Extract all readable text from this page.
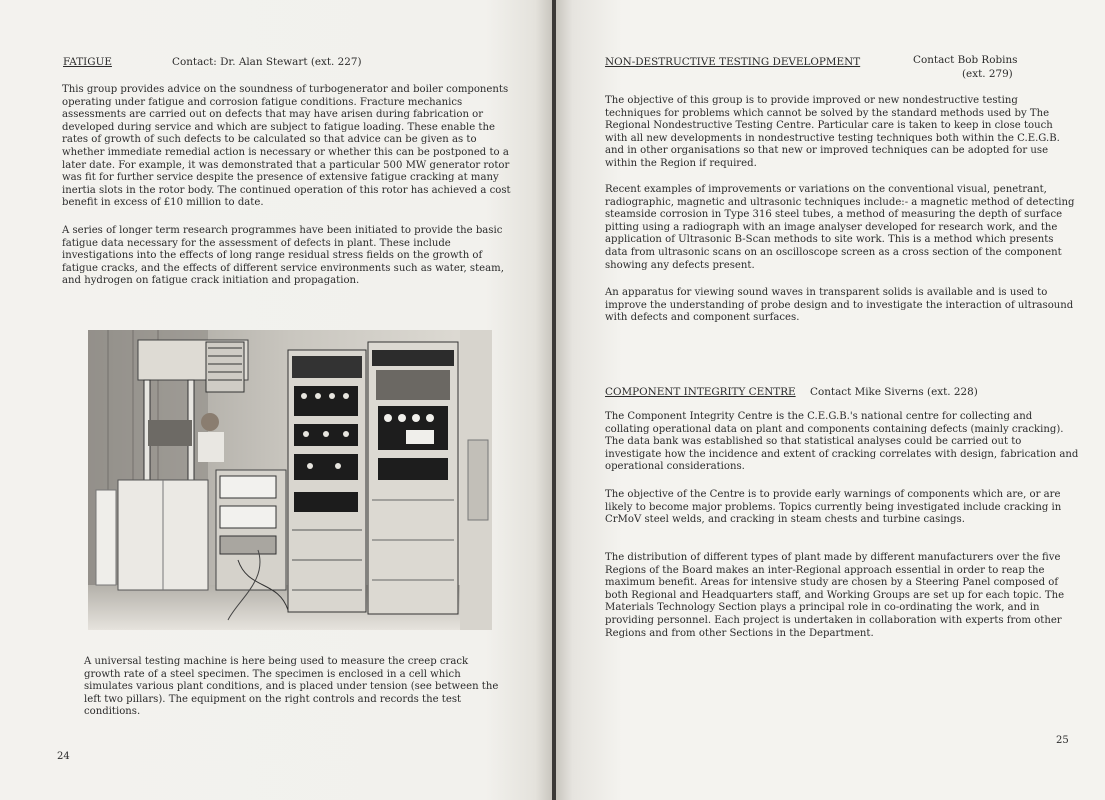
FATIGUE	Contact: Dr. Alan Stewart (ext. 227)

This group provides advice on the soundness of turbogenerator and boiler components operating under fatigue and corrosion fatigue conditions. Fracture mechanics assessments are carried out on defects that may have arisen during fabrication or developed during service and which are subject to fatigue loading. These enable the rates of growth of such defects to be calculated so that advice can be given as to whether immediate remedial action is necessary or whether this can be postponed to a later date. For example, it was demonstrated that a particular 500 MW generator rotor was fit for further service despite the presence of extensive fatigue cracking at many inertia slots in the rotor body. The continued operation of this rotor has achieved a cost benefit in excess of £10 million to date.

A series of longer term research programmes have been initiated to provide the basic fatigue data necessary for the assessment of defects in plant. These include investigations into the effects of long range residual stress fields on the growth of fatigue cracks, and the effects of different service environments such as water, steam, and hydrogen on fatigue crack initiation and propagation.

A universal testing machine is here being used to measure the creep crack growth rate of a steel specimen. The specimen is enclosed in a cell which simulates various plant conditions, and is placed under tension (see between the left two pillars). The equipment on the right controls and records the test conditions.

24
NON-DESTRUCTIVE TESTING DEVELOPMENT	Contact Bob Robins
(ext. 279)

The objective of this group is to provide improved or new nondestructive testing techniques for problems which cannot be solved by the standard methods used by The Regional Nondestructive Testing Centre. Particular care is taken to keep in close touch with all new developments in nondestructive testing techniques both within the C.E.G.B. and in other organisations so that new or improved techniques can be adopted for use within the Region if required.

Recent examples of improvements or variations on the conventional visual, penetrant, radiographic, magnetic and ultrasonic techniques include:- a magnetic method of detecting steamside corrosion in Type 316 steel tubes, a method of measuring the depth of surface pitting using a radiograph with an image analyser developed for research work, and the application of Ultrasonic B-Scan methods to site work. This is a method which presents data from ultrasonic scans on an oscilloscope screen as a cross section of the component showing any defects present.

An apparatus for viewing sound waves in transparent solids is available and is used to improve the understanding of probe design and to investigate the interaction of ultrasound with defects and component surfaces.

COMPONENT INTEGRITY CENTRE Contact Mike Siverns (ext. 228)

The Component Integrity Centre is the C.E.G.B.'s national centre for collecting and collating operational data on plant and components containing defects (mainly cracking). The data bank was established so that statistical analyses could be carried out to investigate how the incidence and extent of cracking correlates with design, fabrication and operational considerations.

The objective of the Centre is to provide early warnings of components which are, or are likely to become major problems. Topics currently being investigated include cracking in CrMoV steel welds, and cracking in steam chests and turbine casings.

The distribution of different types of plant made by different manufacturers over the five Regions of the Board makes an inter-Regional approach essential in order to reap the maximum benefit. Areas for intensive study are chosen by a Steering Panel composed of both Regional and Headquarters staff, and Working Groups are set up for each topic. The Materials Technology Section plays a principal role in co-ordinating the work, and in providing personnel. Each project is undertaken in collaboration with experts from other Regions and from other Sections in the Department.

25
